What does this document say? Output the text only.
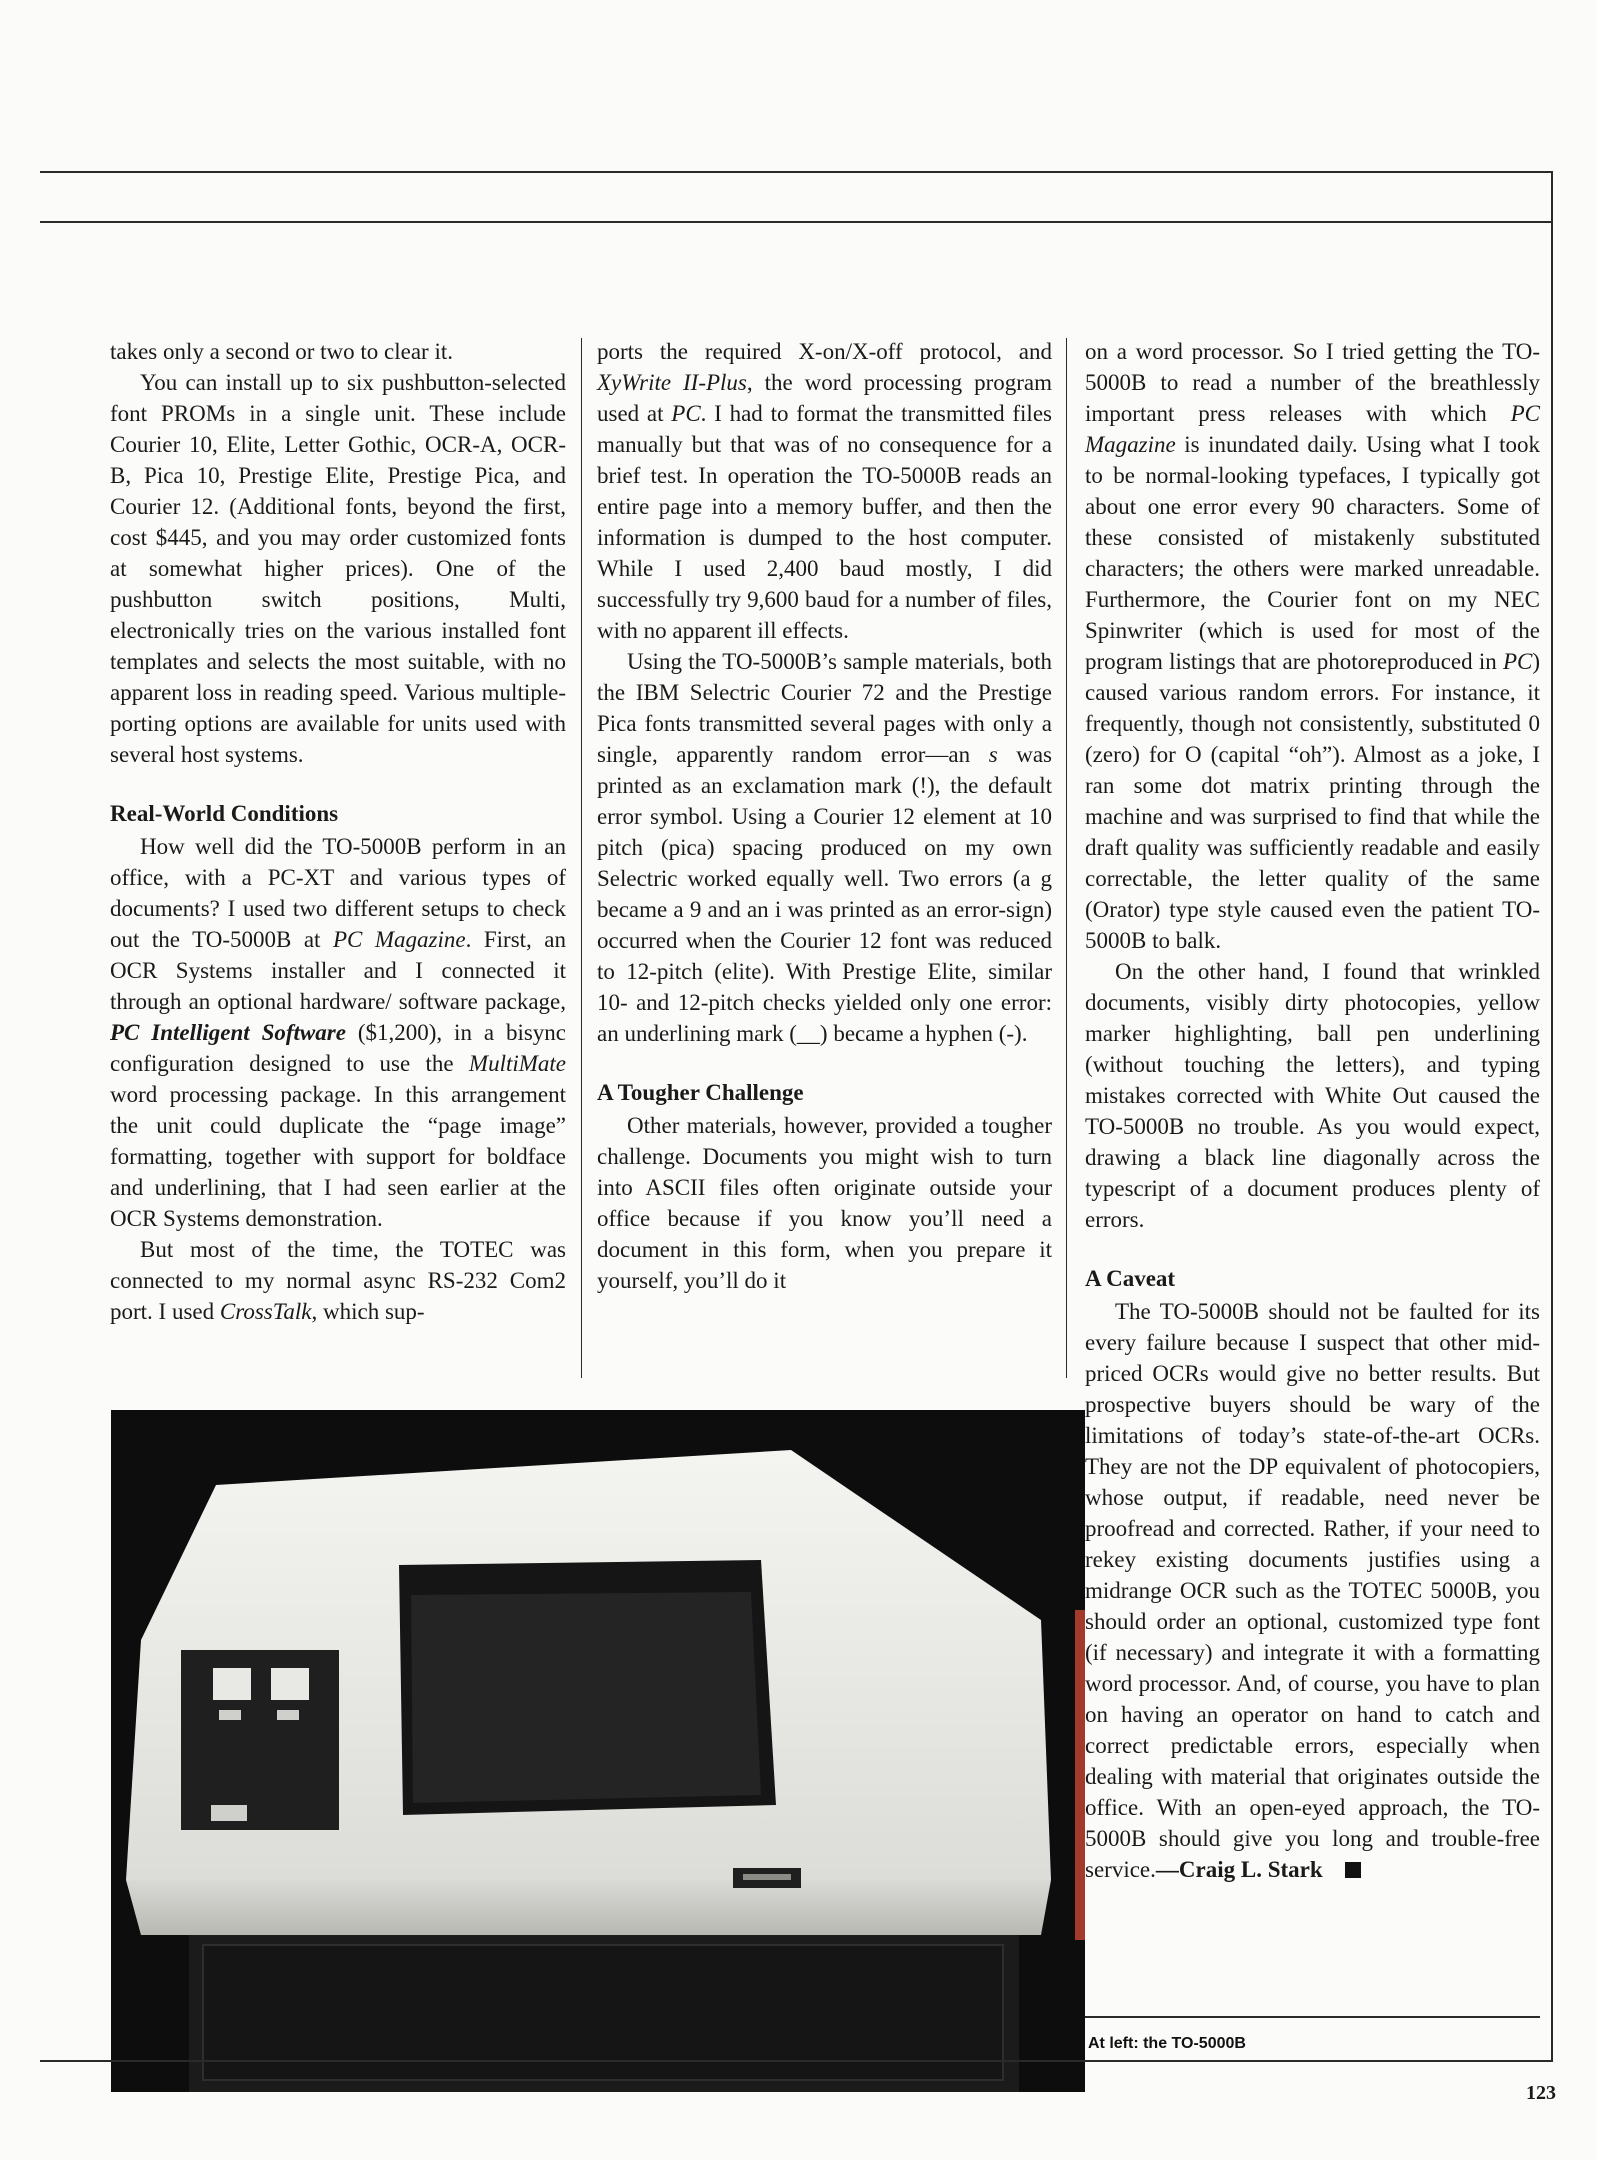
takes only a second or two to clear it.

You can install up to six pushbutton-selected font PROMs in a single unit. These include Courier 10, Elite, Letter Gothic, OCR-A, OCR-B, Pica 10, Prestige Elite, Prestige Pica, and Courier 12. (Additional fonts, beyond the first, cost $445, and you may order customized fonts at somewhat higher prices). One of the pushbutton switch positions, Multi, electronically tries on the various installed font templates and selects the most suitable, with no apparent loss in reading speed. Various multiple-porting options are available for units used with several host systems.

Real-World Conditions

How well did the TO-5000B perform in an office, with a PC-XT and various types of documents? I used two different setups to check out the TO-5000B at PC Magazine. First, an OCR Systems installer and I connected it through an optional hardware/ software package, PC Intelligent Software ($1,200), in a bisync configuration designed to use the MultiMate word processing package. In this arrangement the unit could duplicate the “page image” formatting, together with support for boldface and underlining, that I had seen earlier at the OCR Systems demonstration.

But most of the time, the TOTEC was connected to my normal async RS-232 Com2 port. I used CrossTalk, which sup-

ports the required X-on/X-off protocol, and XyWrite II-Plus, the word processing program used at PC. I had to format the transmitted files manually but that was of no consequence for a brief test. In operation the TO-5000B reads an entire page into a memory buffer, and then the information is dumped to the host computer. While I used 2,400 baud mostly, I did successfully try 9,600 baud for a number of files, with no apparent ill effects.

Using the TO-5000B’s sample materials, both the IBM Selectric Courier 72 and the Prestige Pica fonts transmitted several pages with only a single, apparently random error—an s was printed as an exclamation mark (!), the default error symbol. Using a Courier 12 element at 10 pitch (pica) spacing produced on my own Selectric worked equally well. Two errors (a g became a 9 and an i was printed as an error-sign) occurred when the Courier 12 font was reduced to 12-pitch (elite). With Prestige Elite, similar 10- and 12-pitch checks yielded only one error: an underlining mark (__) became a hyphen (-).

A Tougher Challenge

Other materials, however, provided a tougher challenge. Documents you might wish to turn into ASCII files often originate outside your office because if you know you’ll need a document in this form, when you prepare it yourself, you’ll do it

on a word processor. So I tried getting the TO-5000B to read a number of the breathlessly important press releases with which PC Magazine is inundated daily. Using what I took to be normal-looking typefaces, I typically got about one error every 90 characters. Some of these consisted of mistakenly substituted characters; the others were marked unreadable. Furthermore, the Courier font on my NEC Spinwriter (which is used for most of the program listings that are photoreproduced in PC) caused various random errors. For instance, it frequently, though not consistently, substituted 0 (zero) for O (capital “oh”). Almost as a joke, I ran some dot matrix printing through the machine and was surprised to find that while the draft quality was sufficiently readable and easily correctable, the letter quality of the same (Orator) type style caused even the patient TO-5000B to balk.

On the other hand, I found that wrinkled documents, visibly dirty photocopies, yellow marker highlighting, ball pen underlining (without touching the letters), and typing mistakes corrected with White Out caused the TO-5000B no trouble. As you would expect, drawing a black line diagonally across the typescript of a document produces plenty of errors.

A Caveat

The TO-5000B should not be faulted for its every failure because I suspect that other mid-priced OCRs would give no better results. But prospective buyers should be wary of the limitations of today’s state-of-the-art OCRs. They are not the DP equivalent of photocopiers, whose output, if readable, need never be proofread and corrected. Rather, if your need to rekey existing documents justifies using a midrange OCR such as the TOTEC 5000B, you should order an optional, customized type font (if necessary) and integrate it with a formatting word processor. And, of course, you have to plan on having an operator on hand to catch and correct predictable errors, especially when dealing with material that originates outside the office. With an open-eyed approach, the TO-5000B should give you long and trouble-free service.—Craig L. Stark

At left: the TO-5000B
123
